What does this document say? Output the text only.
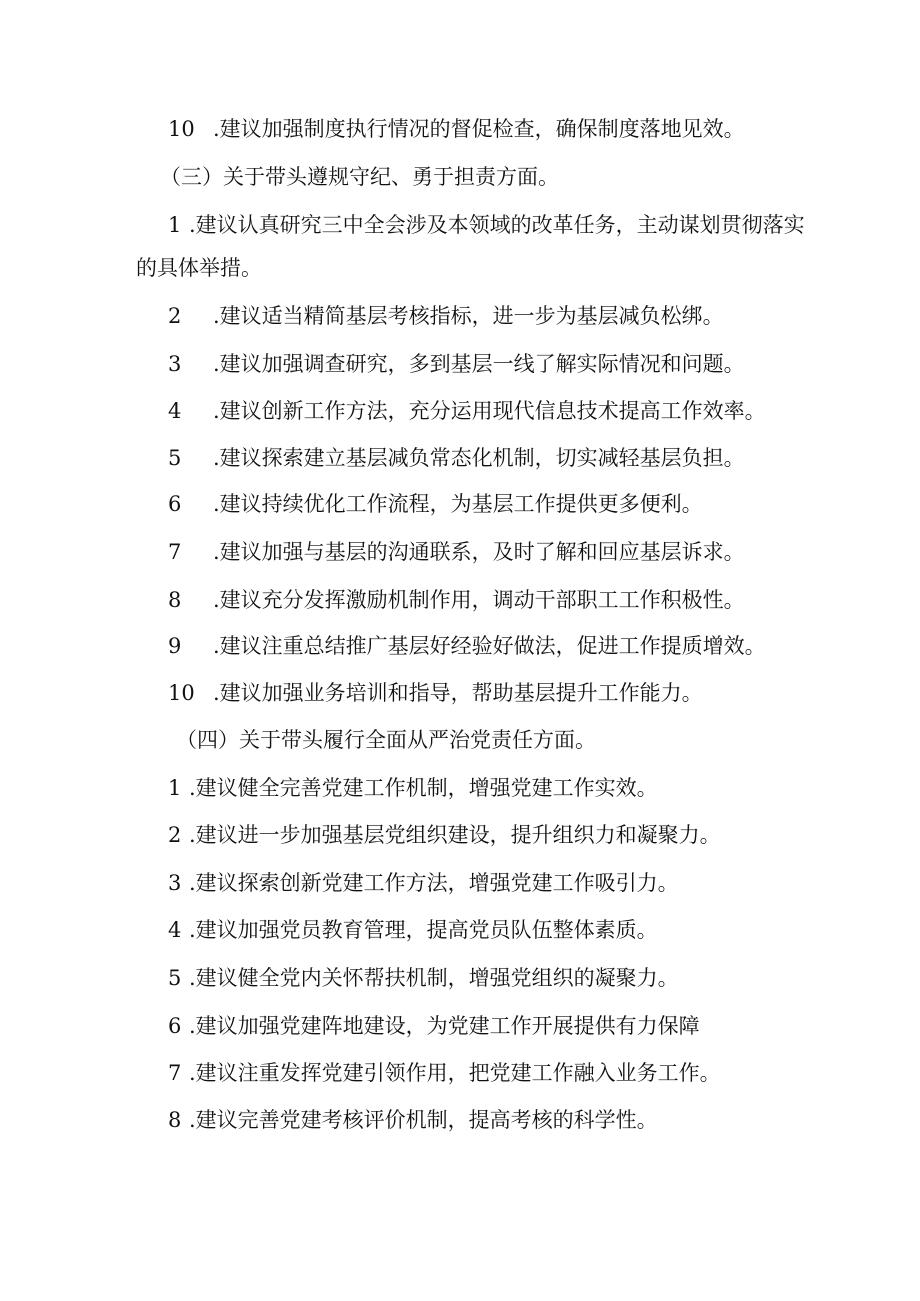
10 .建议加强制度执行情况的督促检查，确保制度落地见效。
（三）关于带头遵规守纪、勇于担责方面。
1 .建议认真研究三中全会涉及本领域的改革任务，主动谋划贯彻落实
的具体举措。
2 .建议适当精简基层考核指标，进一步为基层减负松绑。
3 .建议加强调查研究，多到基层一线了解实际情况和问题。
4 .建议创新工作方法，充分运用现代信息技术提高工作效率。
5 .建议探索建立基层减负常态化机制，切实减轻基层负担。
6 .建议持续优化工作流程，为基层工作提供更多便利。
7 .建议加强与基层的沟通联系，及时了解和回应基层诉求。
8 .建议充分发挥激励机制作用，调动干部职工工作积极性。
9 .建议注重总结推广基层好经验好做法，促进工作提质增效。
10 .建议加强业务培训和指导，帮助基层提升工作能力。
（四）关于带头履行全面从严治党责任方面。
1 .建议健全完善党建工作机制，增强党建工作实效。
2 .建议进一步加强基层党组织建设，提升组织力和凝聚力。
3 .建议探索创新党建工作方法，增强党建工作吸引力。
4 .建议加强党员教育管理，提高党员队伍整体素质。
5 .建议健全党内关怀帮扶机制，增强党组织的凝聚力。
6 .建议加强党建阵地建设，为党建工作开展提供有力保障
7 .建议注重发挥党建引领作用，把党建工作融入业务工作。
8 .建议完善党建考核评价机制，提高考核的科学性。
